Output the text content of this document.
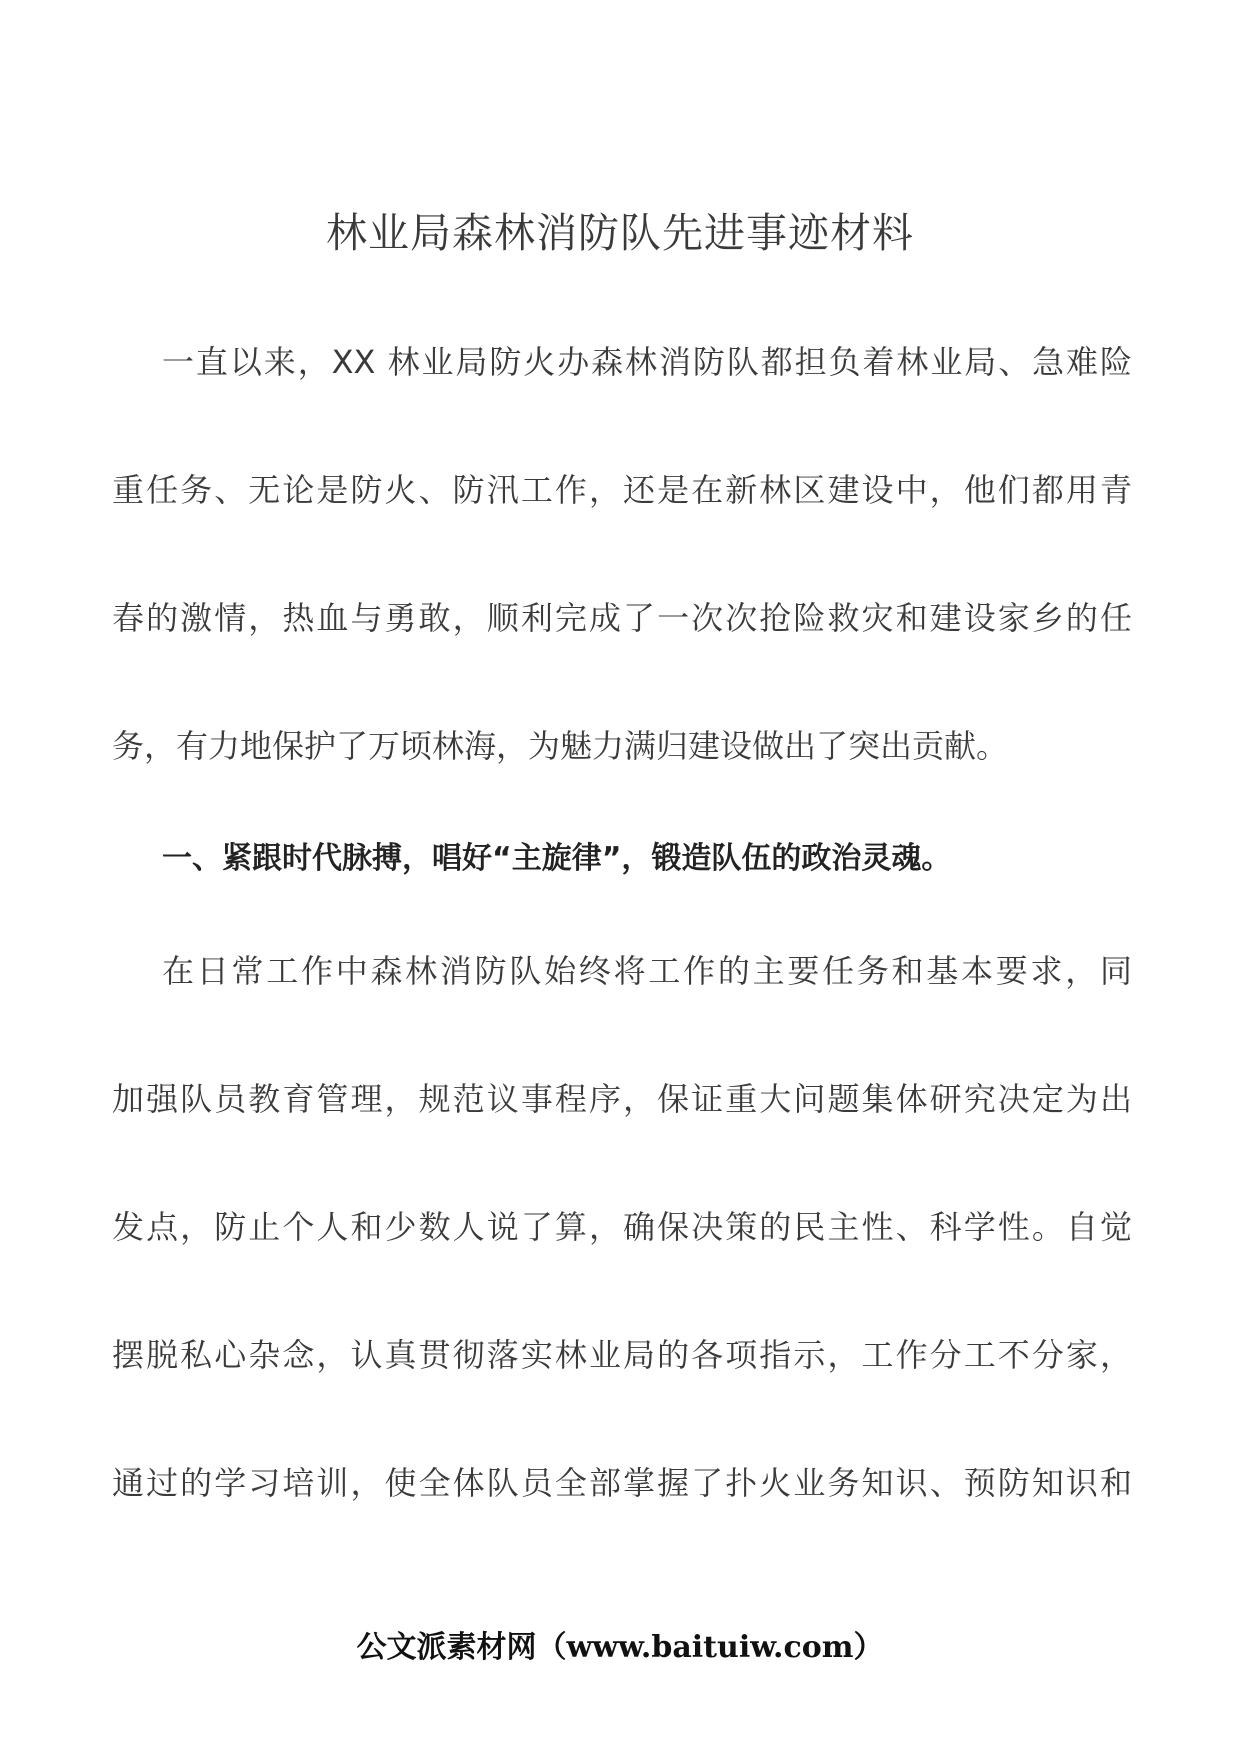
林业局森林消防队先进事迹材料
一直以来，XX 林业局防火办森林消防队都担负着林业局、急难险
重任务、无论是防火、防汛工作，还是在新林区建设中，他们都用青
春的激情，热血与勇敢，顺利完成了一次次抢险救灾和建设家乡的任
务，有力地保护了万顷林海，为魅力满归建设做出了突出贡献。
一、紧跟时代脉搏，唱好“主旋律”，锻造队伍的政治灵魂。
在日常工作中森林消防队始终将工作的主要任务和基本要求，同
加强队员教育管理，规范议事程序，保证重大问题集体研究决定为出
发点，防止个人和少数人说了算，确保决策的民主性、科学性。自觉
摆脱私心杂念，认真贯彻落实林业局的各项指示，工作分工不分家，
通过的学习培训，使全体队员全部掌握了扑火业务知识、预防知识和
公文派素材网（www.baituiw.com）
